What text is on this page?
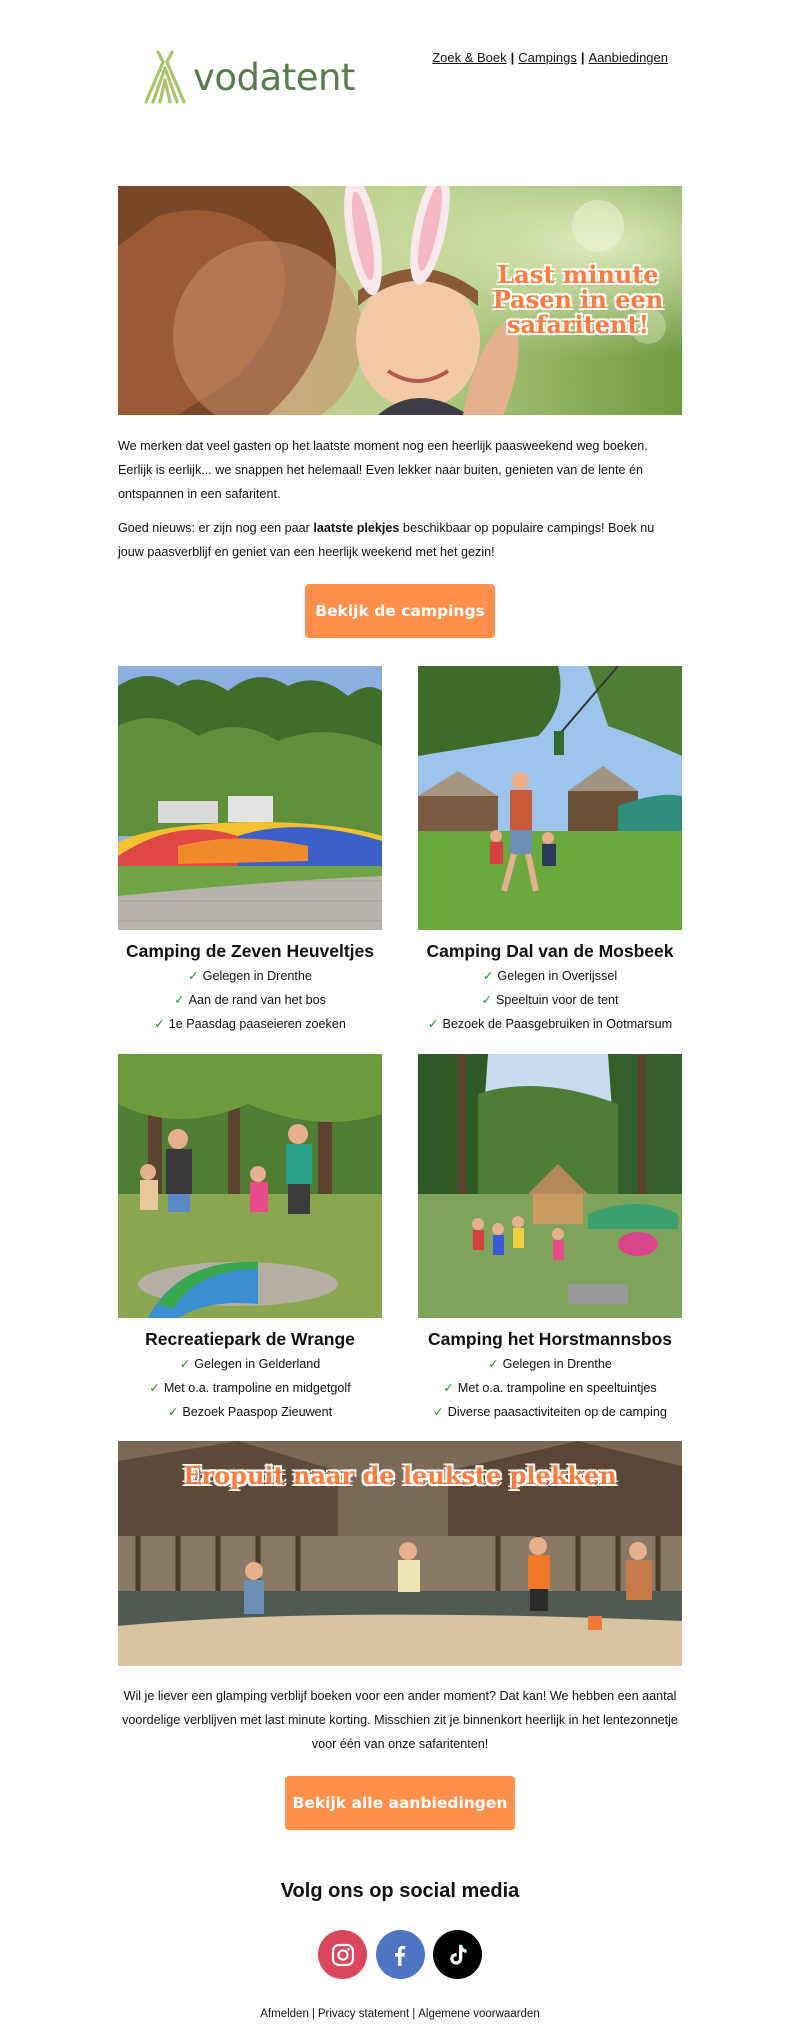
vodatent	Zoek & Boek | Campings | Aanbiedingen
Last minute Pasen in een safaritent!

We merken dat veel gasten op het laatste moment nog een heerlijk paasweekend weg boeken. Eerlijk is eerlijk... we snappen het helemaal! Even lekker naar buiten, genieten van de lente én ontspannen in een safaritent.

Goed nieuws: er zijn nog een paar laatste plekjes beschikbaar op populaire campings! Boek nu jouw paasverblijf en geniet van een heerlijk weekend met het gezin!

Bekijk de campings
Camping de Zeven Heuveltjes
✓ Gelegen in Drenthe
✓ Aan de rand van het bos
✓ 1e Paasdag paaseieren zoeken
Camping Dal van de Mosbeek
✓ Gelegen in Overijssel
✓ Speeltuin voor de tent
✓ Bezoek de Paasgebruiken in Ootmarsum
Recreatiepark de Wrange
✓ Gelegen in Gelderland
✓ Met o.a. trampoline en midgetgolf
✓ Bezoek Paaspop Zieuwent
Camping het Horstmannsbos
✓ Gelegen in Drenthe
✓ Met o.a. trampoline en speeltuintjes
✓ Diverse paasactiviteiten op de camping
Eropuit naar de leukste plekken
Wil je liever een glamping verblijf boeken voor een ander moment? Dat kan! We hebben een aantal voordelige verblijven met last minute korting. Misschien zit je binnenkort heerlijk in het lentezonnetje voor één van onze safaritenten!
Bekijk alle aanbiedingen
Volg ons op social media
Afmelden | Privacy statement | Algemene voorwaarden
